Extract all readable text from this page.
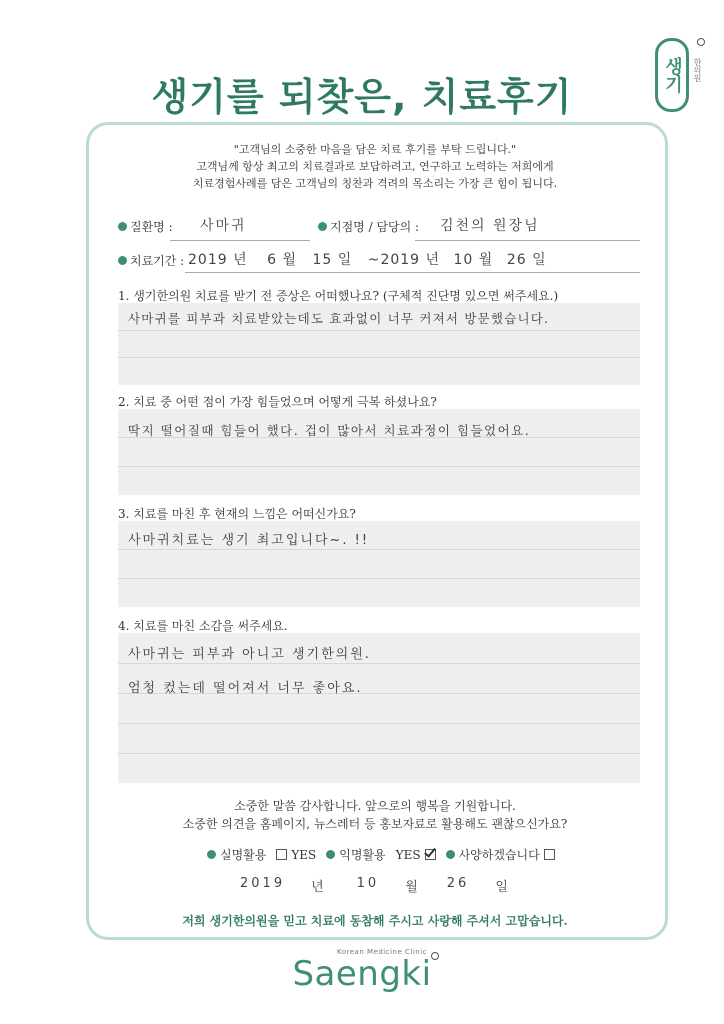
생기를 되찾은, 치료후기	생기 한의원
"고객님의 소중한 마음을 담은 치료 후기를 부탁 드립니다."
고객님께 항상 최고의 치료결과로 보답하려고, 연구하고 노력하는 저희에게
치료경험사례를 담은 고객님의 칭찬과 격려의 목소리는 가장 큰 힘이 됩니다.
질환명 : 사마귀	지점명 / 담당의 : 김천의 원장님
치료기간 : 2019 년 6 월 15 일 ~2019 년 10 월 26 일
1. 생기한의원 치료를 받기 전 증상은 어떠했나요? (구체적 진단명 있으면 써주세요.)
사마귀를 피부과 치료받았는데도 효과없이 너무 커져서 방문했습니다.
2. 치료 중 어떤 점이 가장 힘들었으며 어떻게 극복 하셨나요?
딱지 떨어질때 힘들어 했다. 겁이 많아서 치료과정이 힘들었어요.
3. 치료를 마친 후 현재의 느낌은 어떠신가요?
사마귀치료는 생기 최고입니다~. !!
4. 치료를 마친 소감을 써주세요.
사마귀는 피부과 아니고 생기한의원.
엄청 컸는데 떨어져서 너무 좋아요.
소중한 말씀 감사합니다. 앞으로의 행복을 기원합니다.
소중한 의견을 홈페이지, 뉴스레터 등 홍보자료로 활용해도 괜찮으신가요?
실명활용 YES 익명활용 YES	사양하겠습니다
2019 년 10 월 26 일
저희 생기한의원을 믿고 치료에 동참해 주시고 사랑해 주셔서 고맙습니다.
Korean Medicine Clinic
Saengki
